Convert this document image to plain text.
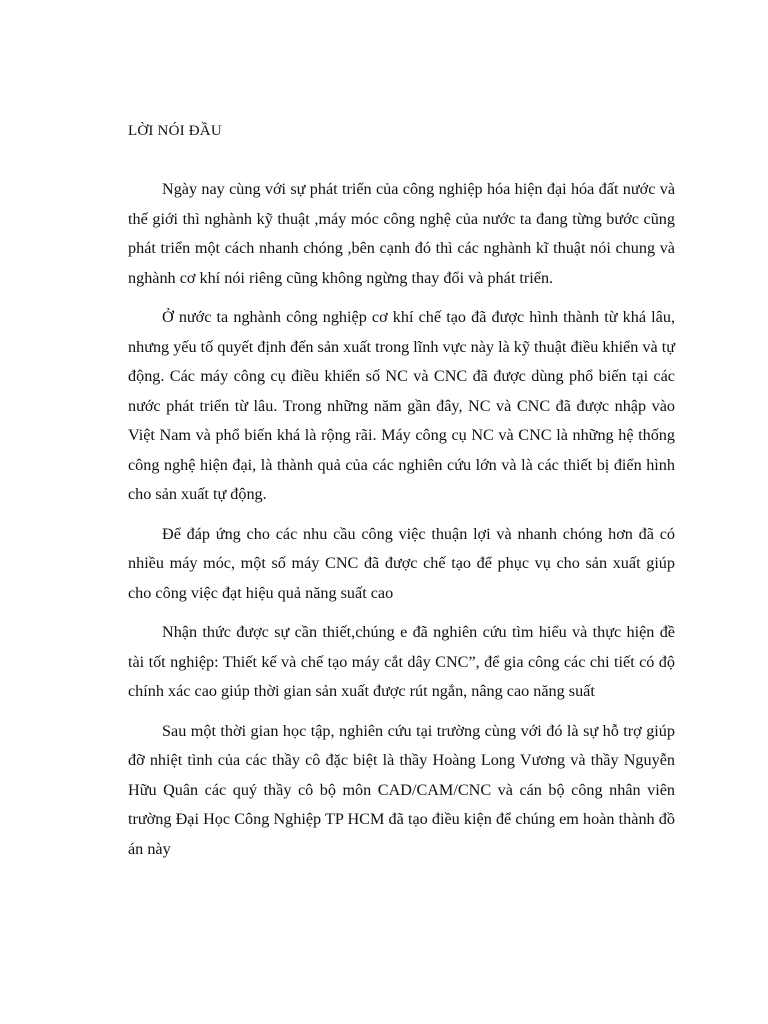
LỜI NÓI ĐẦU

Ngày nay cùng với sự phát triển của công nghiệp hóa hiện đại hóa đất nước và thế giới thì nghành kỹ thuật ,máy móc công nghệ của nước ta đang từng bước cũng phát triển một cách nhanh chóng ,bên cạnh đó thì các nghành kĩ thuật nói chung và nghành cơ khí nói riêng cũng không ngừng thay đổi và phát triển.

Ở nước ta nghành công nghiệp cơ khí chế tạo đã được hình thành từ khá lâu, nhưng yếu tố quyết định đến sản xuất trong lĩnh vực này là kỹ thuật điều khiển và tự động. Các máy công cụ điều khiển số NC và CNC đã được dùng phổ biến tại các nước phát triển từ lâu. Trong những năm gần đây, NC và CNC đã được nhập vào Việt Nam và phổ biến khá là rộng rãi. Máy công cụ NC và CNC là những hệ thống công nghệ hiện đại, là thành quả của các nghiên cứu lớn và là các thiết bị điển hình cho sản xuất tự động.

Để đáp ứng cho các nhu cầu công việc thuận lợi và nhanh chóng hơn đã có nhiều máy móc, một số máy CNC đã được chế tạo để phục vụ cho sản xuất giúp cho công việc đạt hiệu quả năng suất cao

Nhận thức được sự cần thiết,chúng e đã nghiên cứu tìm hiểu và thực hiện đề tài tốt nghiệp: Thiết kế và chế tạo máy cắt dây CNC”, để gia công các chi tiết có độ chính xác cao giúp thời gian sản xuất được rút ngắn, nâng cao năng suất

Sau một thời gian học tập, nghiên cứu tại trường cùng với đó là sự hỗ trợ giúp đỡ nhiệt tình của các thầy cô đặc biệt là thầy Hoàng Long Vương và thầy Nguyễn Hữu Quân các quý thầy cô bộ môn CAD/CAM/CNC và cán bộ công nhân viên trường Đại Học Công Nghiệp TP HCM đã tạo điều kiện để chúng em hoàn thành đồ án này
